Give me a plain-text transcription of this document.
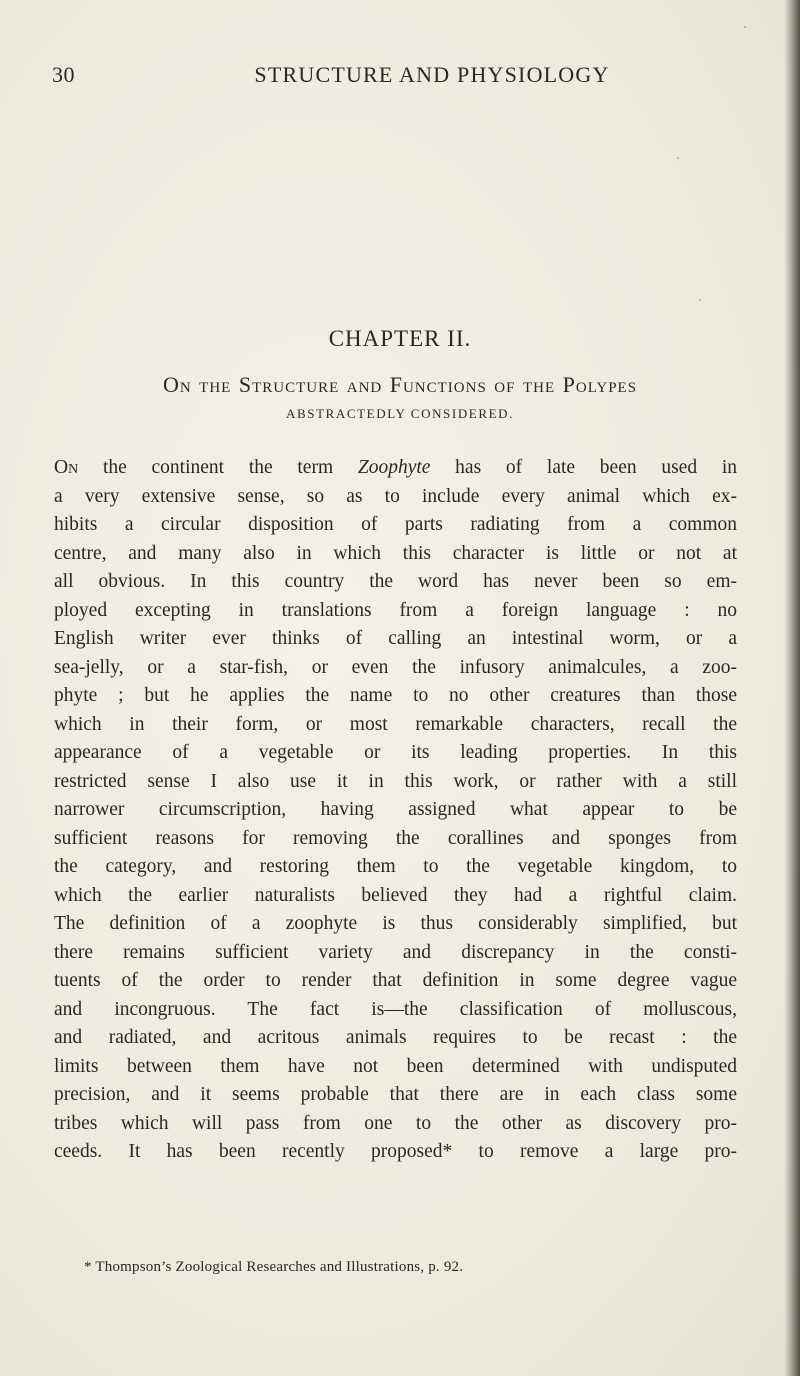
30	STRUCTURE AND PHYSIOLOGY
CHAPTER II.
On the Structure and Functions of the Polypes
ABSTRACTEDLY CONSIDERED.
On the continent the term Zoophyte has of late been used in
a very extensive sense, so as to include every animal which ex-
hibits a circular disposition of parts radiating from a common
centre, and many also in which this character is little or not at
all obvious. In this country the word has never been so em-
ployed excepting in translations from a foreign language : no
English writer ever thinks of calling an intestinal worm, or a
sea-jelly, or a star-fish, or even the infusory animalcules, a zoo-
phyte ; but he applies the name to no other creatures than those
which in their form, or most remarkable characters, recall the
appearance of a vegetable or its leading properties. In this
restricted sense I also use it in this work, or rather with a still
narrower circumscription, having assigned what appear to be
sufficient reasons for removing the corallines and sponges from
the category, and restoring them to the vegetable kingdom, to
which the earlier naturalists believed they had a rightful claim.
The definition of a zoophyte is thus considerably simplified, but
there remains sufficient variety and discrepancy in the consti-
tuents of the order to render that definition in some degree vague
and incongruous. The fact is—the classification of molluscous,
and radiated, and acritous animals requires to be recast : the
limits between them have not been determined with undisputed
precision, and it seems probable that there are in each class some
tribes which will pass from one to the other as discovery pro-
ceeds. It has been recently proposed* to remove a large pro-
* Thompson’s Zoological Researches and Illustrations, p. 92.
